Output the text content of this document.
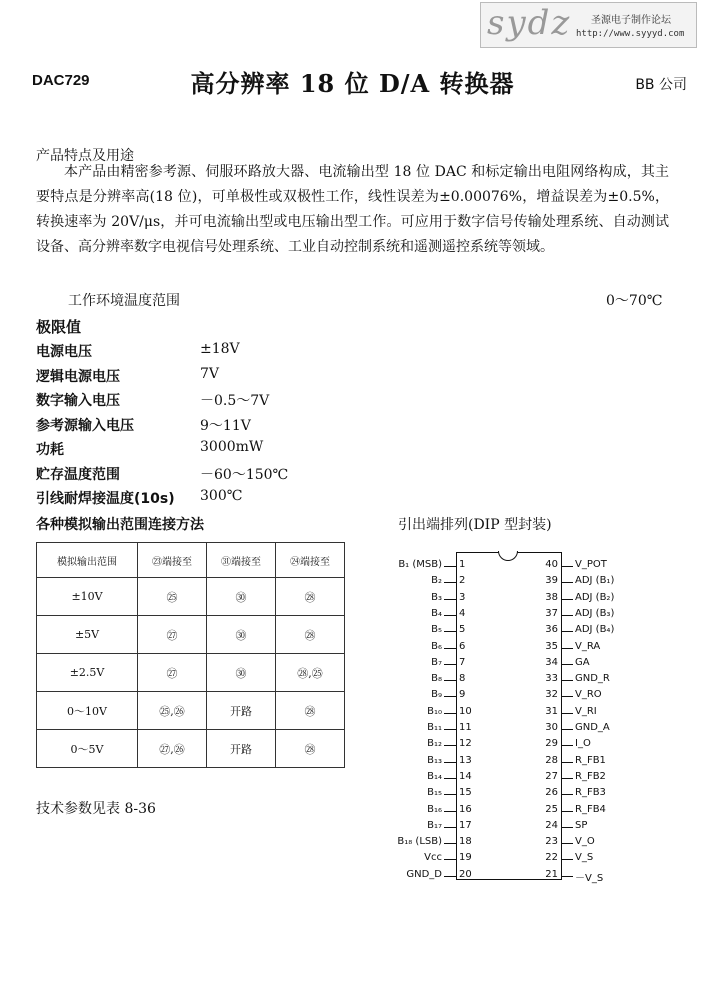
sydz 圣源电子制作论坛
http://www.syyyd.com
DAC729	高分辨率 18 位 D/A 转换器	BB 公司
产品特点及用途
本产品由精密参考源、伺服环路放大器、电流输出型 18 位 DAC 和标定输出电阻网络构成，其主要特点是分辨率高(18 位)，可单极性或双极性工作，线性误差为±0.00076%，增益误差为±0.5%，转换速率为 20V/μs，并可电流输出型或电压输出型工作。可应用于数字信号传输处理系统、自动测试设备、高分辨率数字电视信号处理系统、工业自动控制系统和遥测遥控系统等领域。
工作环境温度范围	0～70℃
极限值
电源电压	±18V
逻辑电源电压	7V
数字输入电压	－0.5～7V
参考源输入电压	9～11V
功耗	3000mW
贮存温度范围	－60～150℃
引线耐焊接温度(10s) 300℃
各种模拟输出范围连接方法
模拟输出范围	㉓端接至	㉛端接至	㉔端接至
±10V	㉕	㉚	㉘
±5V	㉗	㉚	㉘
±2.5V	㉗	㉚	㉘,㉕
0～10V	㉕,㉖	开路	㉘
0～5V	㉗,㉖	开路	㉘
技术参数见表 8-36
引出端排列(DIP 型封装)
B₁ (MSB) 1
B₂ 2
B₃ 3
B₄ 4
B₅ 5
B₆ 6
B₇ 7
B₈ 8
B₉ 9
B₁₀ 10
B₁₁ 11
B₁₂ 12
B₁₃ 13
B₁₄ 14
B₁₅ 15
B₁₆ 16
B₁₇ 17
B₁₈ (LSB) 18
Vcc 19
GND_D 20
40 V_POT
39 ADJ (B₁)
38 ADJ (B₂)
37 ADJ (B₃)
36 ADJ (B₄)
35 V_RA
34 GA
33 GND_R
32 V_RO
31 V_RI
30 GND_A
29 I_O
28 R_FB1
27 R_FB2
26 R_FB3
25 R_FB4
24 SP
23 V_O
22 V_S
21 －V_S
